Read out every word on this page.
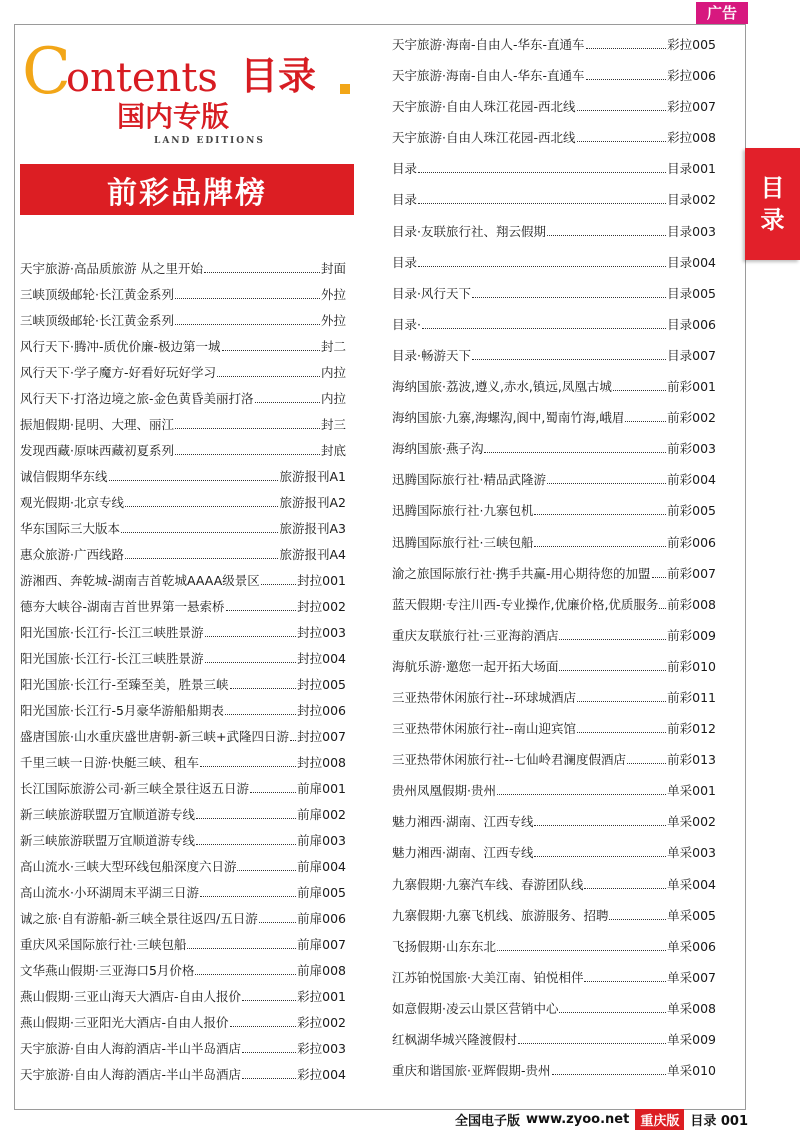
广告
目
录
C
ontents 目录
国内专版
LAND EDITIONS
前彩品牌榜
天宇旅游·高品质旅游 从之里开始	封面
三峡顶级邮轮·长江黄金系列	外拉
三峡顶级邮轮·长江黄金系列	外拉
风行天下·腾冲-质优价廉-极边第一城	封二
风行天下·学子魔方-好看好玩好学习	内拉
风行天下·打洛边境之旅-金色黄昏美丽打洛	内拉
振旭假期·昆明、大理、丽江	封三
发现西藏·原味西藏初夏系列	封底
诚信假期华东线	旅游报刊A1
观光假期·北京专线	旅游报刊A2
华东国际三大版本	旅游报刊A3
惠众旅游·广西线路	旅游报刊A4
游湘西、奔乾城-湖南吉首乾城AAAA级景区	封拉001
德夯大峡谷-湖南吉首世界第一悬索桥	封拉002
阳光国旅·长江行-长江三峡胜景游	封拉003
阳光国旅·长江行-长江三峡胜景游	封拉004
阳光国旅·长江行-至臻至美，胜景三峡	封拉005
阳光国旅·长江行-5月豪华游船船期表	封拉006
盛唐国旅·山水重庆盛世唐朝-新三峡+武隆四日游 封拉007
千里三峡一日游·快艇三峡、租车	封拉008
长江国际旅游公司·新三峡全景往返五日游	前扉001
新三峡旅游联盟万宜顺道游专线	前扉002
新三峡旅游联盟万宜顺道游专线	前扉003
高山流水·三峡大型环线包船深度六日游	前扉004
高山流水·小环湖周末平湖三日游	前扉005
诚之旅·自有游船-新三峡全景往返四/五日游	前扉006
重庆风采国际旅行社·三峡包船	前扉007
文华燕山假期·三亚海口5月价格	前扉008
燕山假期·三亚山海天大酒店-自由人报价	彩拉001
燕山假期·三亚阳光大酒店-自由人报价	彩拉002
天宇旅游·自由人海韵酒店-半山半岛酒店	彩拉003
天宇旅游·自由人海韵酒店-半山半岛酒店	彩拉004
天宇旅游·海南-自由人-华东-直通车	彩拉005
天宇旅游·海南-自由人-华东-直通车	彩拉006
天宇旅游·自由人珠江花园-西北线	彩拉007
天宇旅游·自由人珠江花园-西北线	彩拉008
目录	目录001
目录	目录002
目录·友联旅行社、翔云假期	目录003
目录	目录004
目录·风行天下	目录005
目录·	目录006
目录·畅游天下	目录007
海纳国旅·荔波,遵义,赤水,镇远,凤凰古城	前彩001
海纳国旅·九寨,海螺沟,阆中,蜀南竹海,峨眉	前彩002
海纳国旅·燕子沟	前彩003
迅腾国际旅行社·精品武隆游	前彩004
迅腾国际旅行社·九寨包机	前彩005
迅腾国际旅行社·三峡包船	前彩006
渝之旅国际旅行社·携手共赢-用心期待您的加盟 前彩007
蓝天假期·专注川西-专业操作,优廉价格,优质服务 前彩008
重庆友联旅行社·三亚海韵酒店	前彩009
海航乐游·邀您一起开拓大场面	前彩010
三亚热带休闲旅行社--环球城酒店	前彩011
三亚热带休闲旅行社--南山迎宾馆	前彩012
三亚热带休闲旅行社--七仙岭君澜度假酒店	前彩013
贵州凤凰假期·贵州	单采001
魅力湘西·湖南、江西专线	单采002
魅力湘西·湖南、江西专线	单采003
九寨假期·九寨汽车线、春游团队线	单采004
九寨假期·九寨飞机线、旅游服务、招聘	单采005
飞扬假期·山东东北	单采006
江苏铂悦国旅·大美江南、铂悦相伴	单采007
如意假期·凌云山景区营销中心	单采008
红枫湖华城兴隆渡假村	单采009
重庆和谐国旅·亚辉假期-贵州	单采010
全国电子版 www.zyoo.net 重庆版 目录 001
